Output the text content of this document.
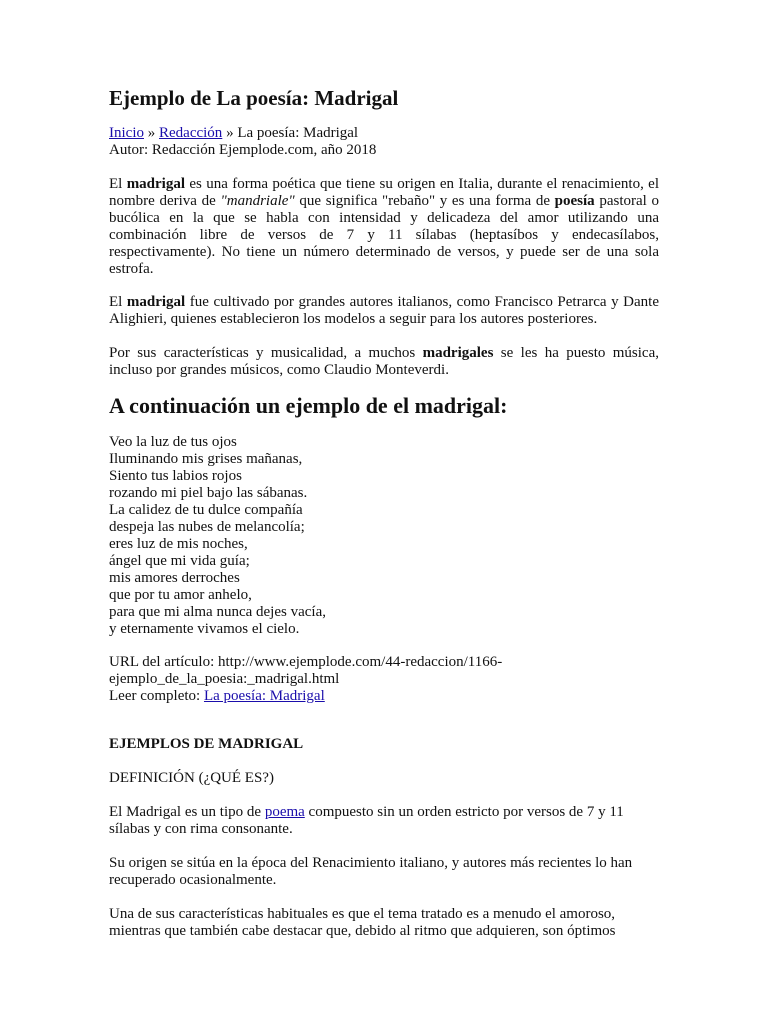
Ejemplo de La poesía: Madrigal

Inicio » Redacción » La poesía: Madrigal

Autor: Redacción Ejemplode.com, año 2018

El madrigal es una forma poética que tiene su origen en Italia, durante el renacimiento, el nombre deriva de "mandriale" que significa "rebaño" y es una forma de poesía pastoral o bucólica en la que se habla con intensidad y delicadeza del amor utilizando una combinación libre de versos de 7 y 11 sílabas (heptasíbos y endecasílabos, respectivamente). No tiene un número determinado de versos, y puede ser de una sola estrofa.

El madrigal fue cultivado por grandes autores italianos, como Francisco Petrarca y Dante Alighieri, quienes establecieron los modelos a seguir para los autores posteriores.

Por sus características y musicalidad, a muchos madrigales se les ha puesto música, incluso por grandes músicos, como Claudio Monteverdi.

A continuación un ejemplo de el madrigal:

Veo la luz de tus ojos

Iluminando mis grises mañanas,

Siento tus labios rojos

rozando mi piel bajo las sábanas.

La calidez de tu dulce compañía

despeja las nubes de melancolía;

eres luz de mis noches,

ángel que mi vida guía;

mis amores derroches

que por tu amor anhelo,

para que mi alma nunca dejes vacía,

y eternamente vivamos el cielo.

URL del artículo: http://www.ejemplode.com/44-redaccion/1166-

ejemplo_de_la_poesia:_madrigal.html

Leer completo: La poesía: Madrigal

EJEMPLOS DE MADRIGAL

DEFINICIÓN (¿QUÉ ES?)

El Madrigal es un tipo de poema compuesto sin un orden estricto por versos de 7 y 11

sílabas y con rima consonante.

Su origen se sitúa en la época del Renacimiento italiano, y autores más recientes lo han

recuperado ocasionalmente.

Una de sus características habituales es que el tema tratado es a menudo el amoroso,

mientras que también cabe destacar que, debido al ritmo que adquieren, son óptimos
